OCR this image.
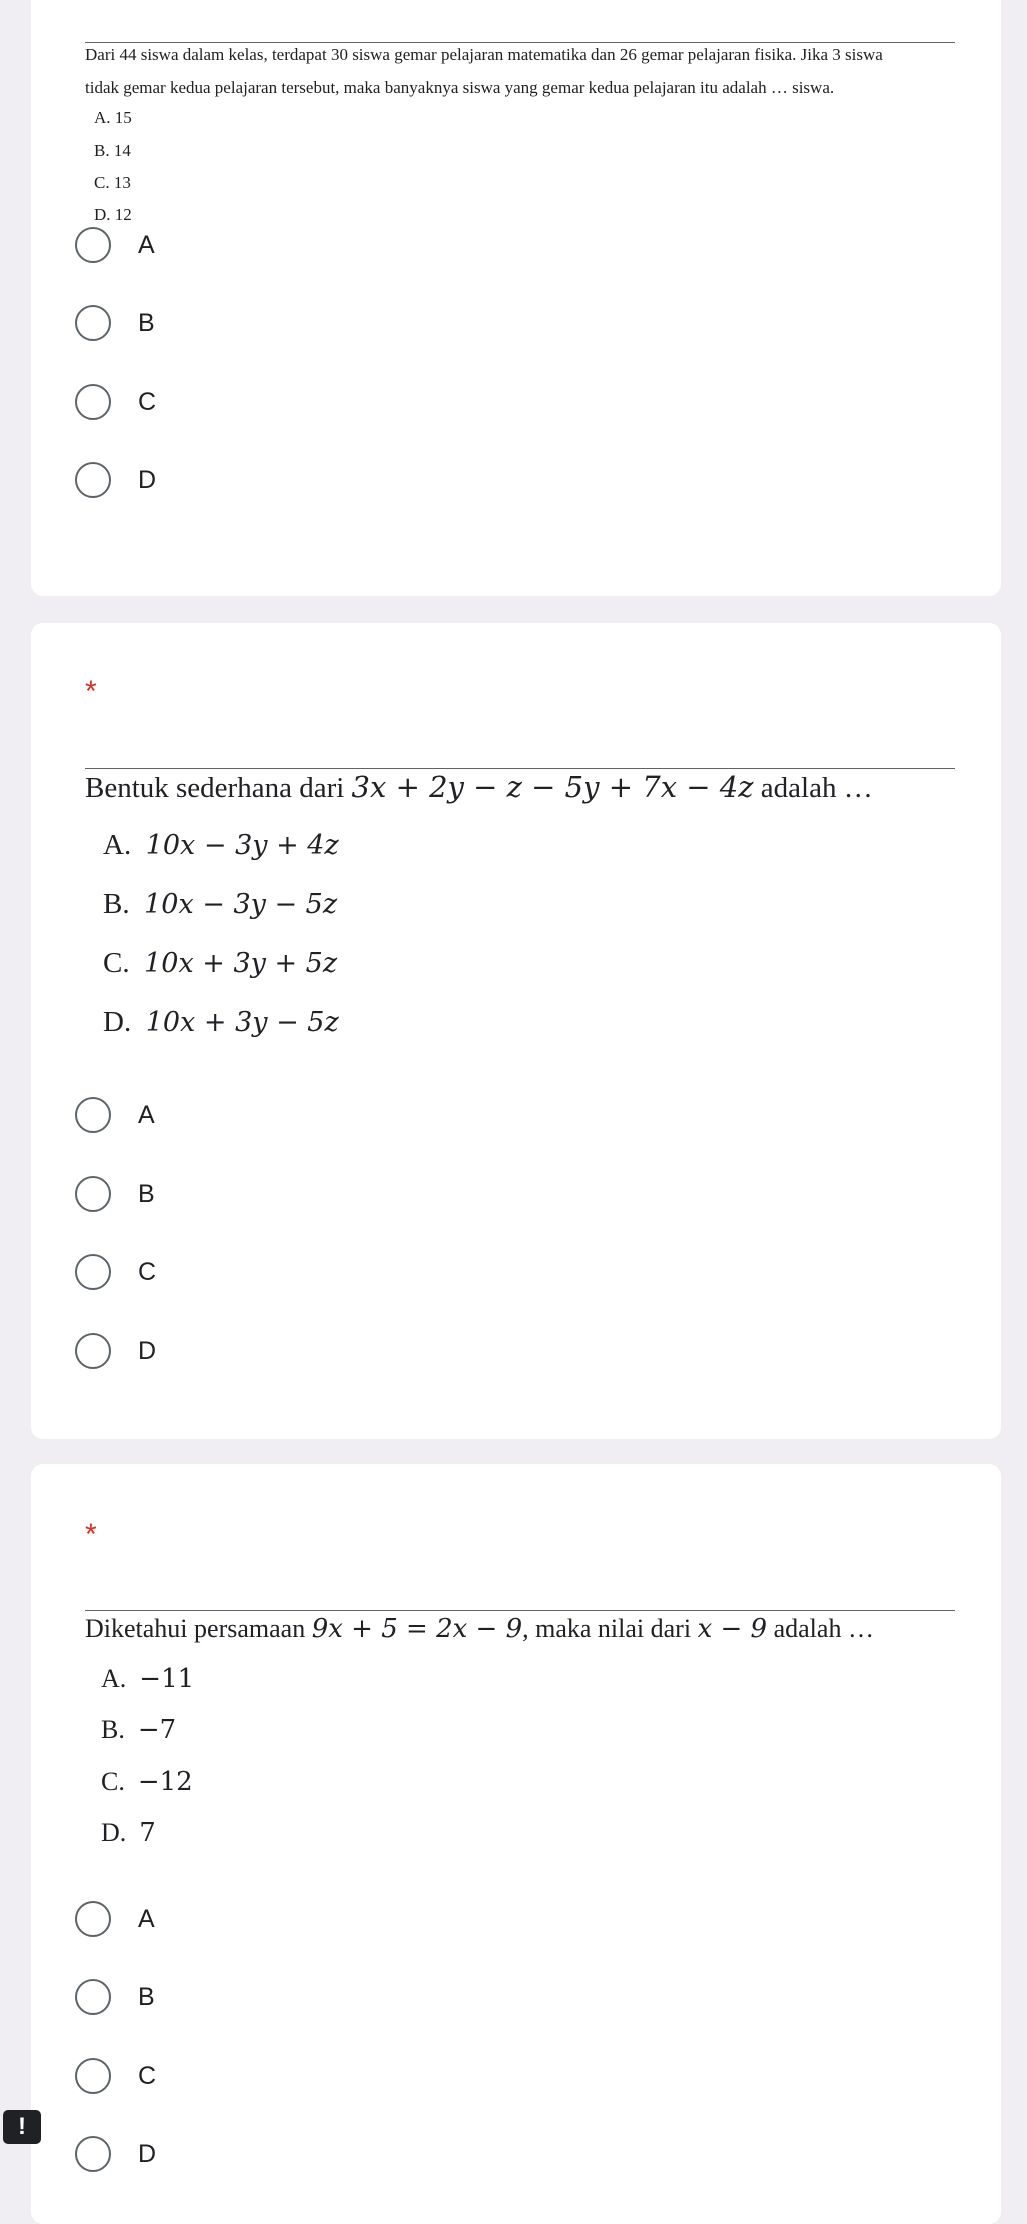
Dari 44 siswa dalam kelas, terdapat 30 siswa gemar pelajaran matematika dan 26 gemar pelajaran fisika. Jika 3 siswa
tidak gemar kedua pelajaran tersebut, maka banyaknya siswa yang gemar kedua pelajaran itu adalah … siswa.
A. 15
B. 14
C. 13
D. 12
A
B
C
D
*
Bentuk sederhana dari 3x + 2y − z − 5y + 7x − 4z adalah …
A. 10x − 3y + 4z
B. 10x − 3y − 5z
C. 10x + 3y + 5z
D. 10x + 3y − 5z
A
B
C
D
*
Diketahui persamaan 9x + 5 = 2x − 9, maka nilai dari x − 9 adalah …
A. −11
B. −7
C. −12
D. 7
A
B
C
D
!
